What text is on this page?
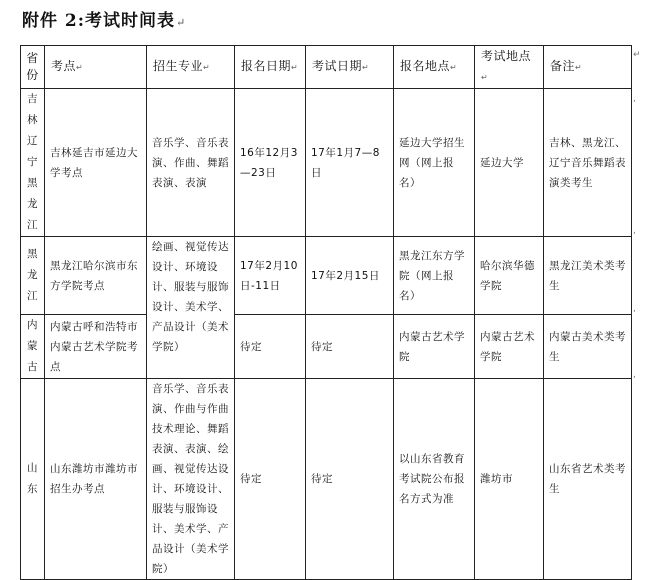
附件 2:考试时间表↵
省份	考点↵	招生专业↵	报名日期↵	考试日期↵	报名地点↵	考试地点↵	备注↵
吉林辽宁黑龙江	吉林延吉市延边大学考点	音乐学、音乐表演、作曲、舞蹈表演、表演	16年12月3—23日	17年1月7—8日	延边大学招生网（网上报名）	延边大学	吉林、黑龙江、辽宁音乐舞蹈表演类考生
黑龙江	黑龙江哈尔滨市东方学院考点	绘画、视觉传达设计、环境设计、服装与服饰设计、美术学、产品设计（美术学院）	17年2月10日-11日	17年2月15日	黑龙江东方学院（网上报名）	哈尔滨华德学院	黑龙江美术类考生
内蒙古	内蒙古呼和浩特市内蒙古艺术学院考点		待定	待定	内蒙古艺术学院	内蒙古艺术学院	内蒙古美术类考生
山东	山东潍坊市潍坊市招生办考点	音乐学、音乐表演、作曲与作曲技术理论、舞蹈表演、表演、绘画、视觉传达设计、环境设计、服装与服饰设计、美术学、产品设计（美术学院）	待定	待定	以山东省教育考试院公布报名方式为准	潍坊市	山东省艺术类考生
↵
,
,
,
,
